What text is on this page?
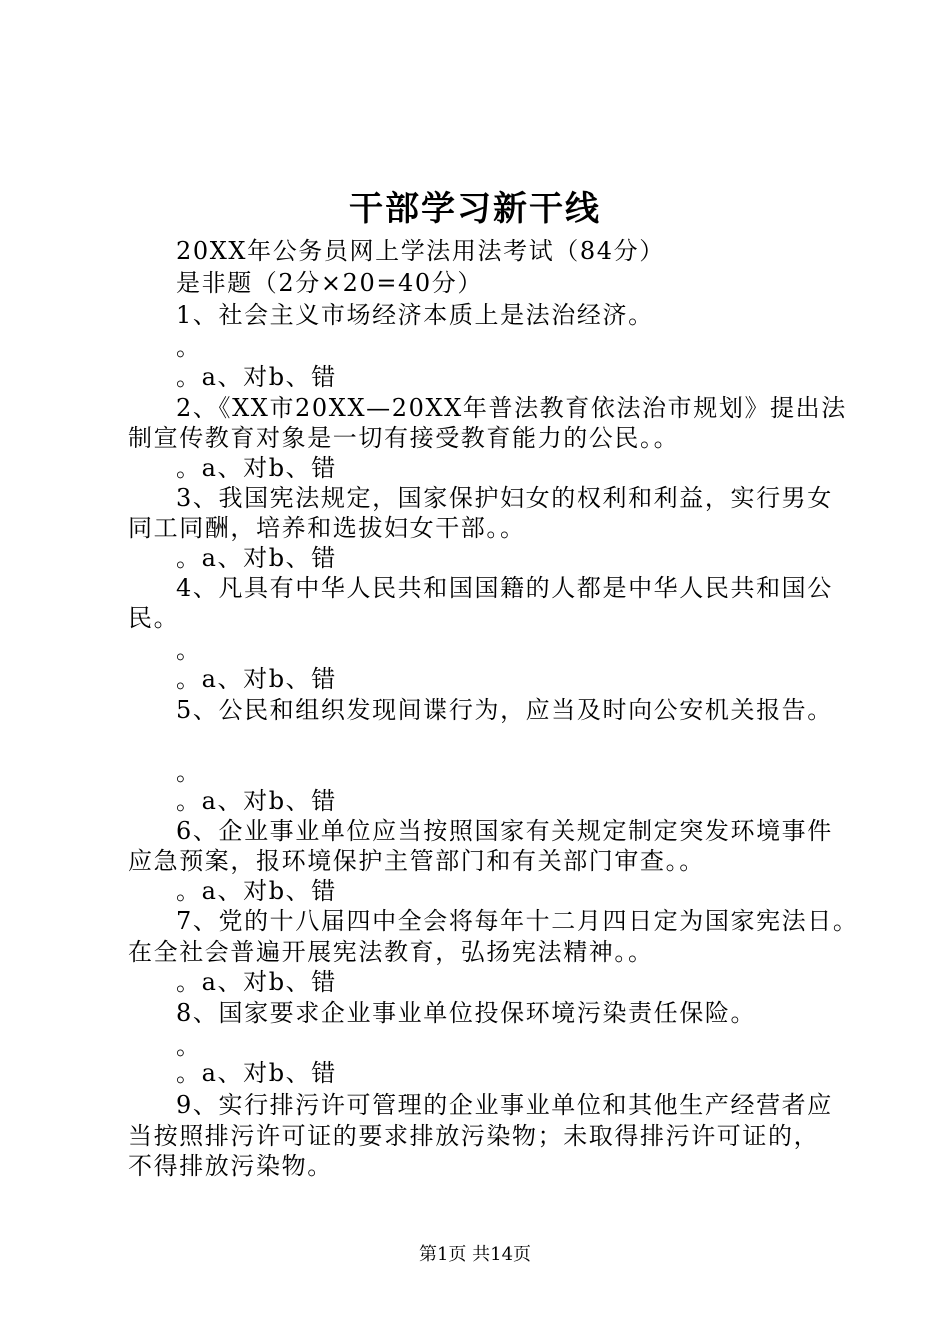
干部学习新干线
20XX年公务员网上学法用法考试（84分）
是非题（2分×20=40分）
1、社会主义市场经济本质上是法治经济。
。
。a、对b、错
2、《XX市20XX—20XX年普法教育依法治市规划》提出法
制宣传教育对象是一切有接受教育能力的公民。。
。a、对b、错
3、我国宪法规定，国家保护妇女的权利和利益，实行男女
同工同酬，培养和选拔妇女干部。。
。a、对b、错
4、凡具有中华人民共和国国籍的人都是中华人民共和国公
民。
。
。a、对b、错
5、公民和组织发现间谍行为，应当及时向公安机关报告。
。
。a、对b、错
6、企业事业单位应当按照国家有关规定制定突发环境事件
应急预案，报环境保护主管部门和有关部门审查。。
。a、对b、错
7、党的十八届四中全会将每年十二月四日定为国家宪法日。
在全社会普遍开展宪法教育，弘扬宪法精神。。
。a、对b、错
8、国家要求企业事业单位投保环境污染责任保险。
。
。a、对b、错
9、实行排污许可管理的企业事业单位和其他生产经营者应
当按照排污许可证的要求排放污染物；未取得排污许可证的，
不得排放污染物。
第1页 共14页
